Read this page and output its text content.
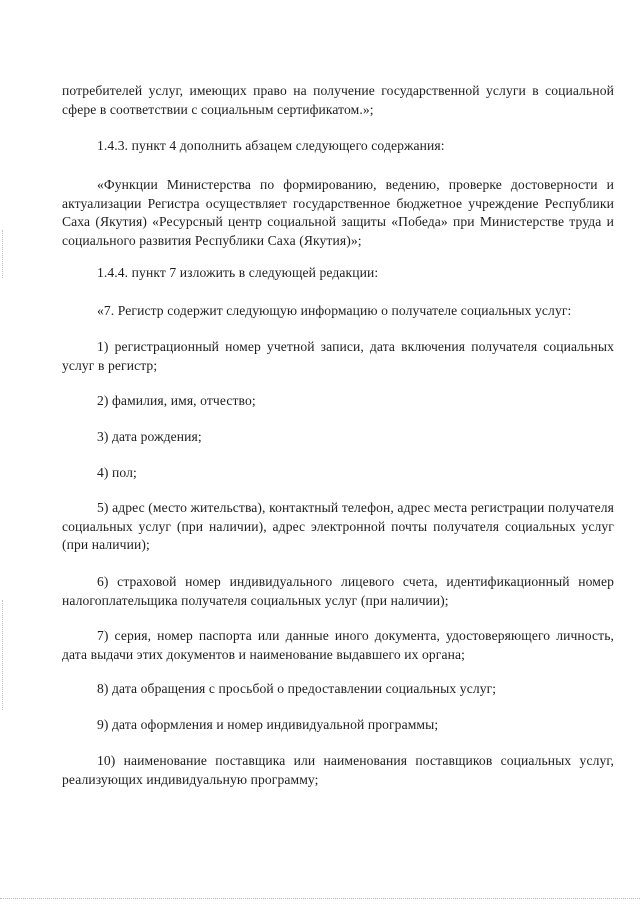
потребителей услуг, имеющих право на получение государственной услуги в социальной сфере в соответствии с социальным сертификатом.»;

1.4.3. пункт 4 дополнить абзацем следующего содержания:

«Функции Министерства по формированию, ведению, проверке достоверности и актуализации Регистра осуществляет государственное бюджетное учреждение Республики Саха (Якутия) «Ресурсный центр социальной защиты «Победа» при Министерстве труда и социального развития Республики Саха (Якутия)»;

1.4.4. пункт 7 изложить в следующей редакции:

«7. Регистр содержит следующую информацию о получателе социальных услуг:

1) регистрационный номер учетной записи, дата включения получателя социальных услуг в регистр;

2) фамилия, имя, отчество;

3) дата рождения;

4) пол;

5) адрес (место жительства), контактный телефон, адрес места регистрации получателя социальных услуг (при наличии), адрес электронной почты получателя социальных услуг (при наличии);

6) страховой номер индивидуального лицевого счета, идентификационный номер налогоплательщика получателя социальных услуг (при наличии);

7) серия, номер паспорта или данные иного документа, удостоверяющего личность, дата выдачи этих документов и наименование выдавшего их органа;

8) дата обращения с просьбой о предоставлении социальных услуг;

9) дата оформления и номер индивидуальной программы;

10) наименование поставщика или наименования поставщиков социальных услуг, реализующих индивидуальную программу;
